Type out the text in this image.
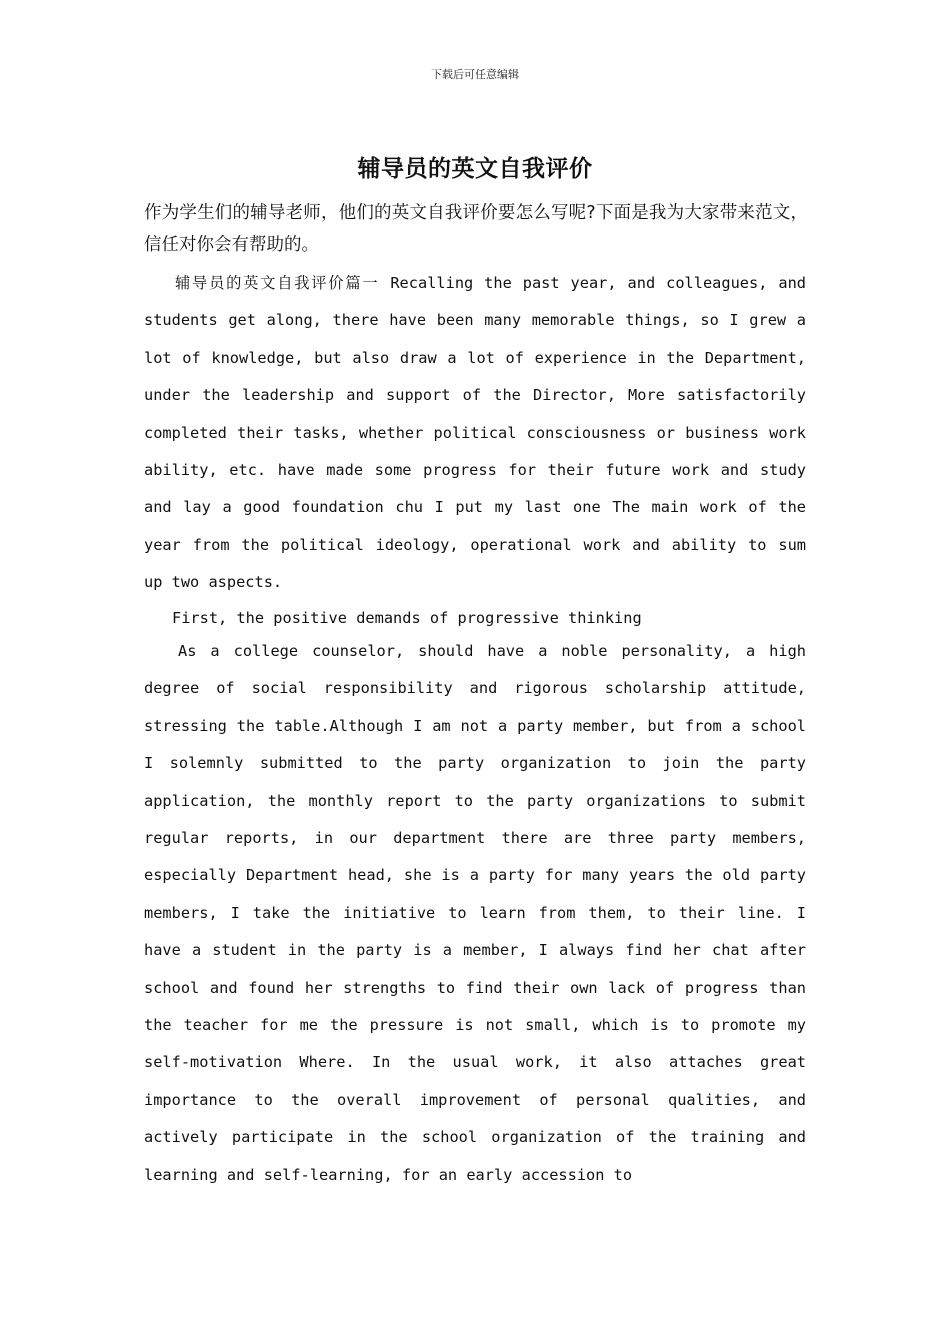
下载后可任意编辑
辅导员的英文自我评价
作为学生们的辅导老师，他们的英文自我评价要怎么写呢?下面是我为大家带来范文，信任对你会有帮助的。
辅导员的英文自我评价篇一 Recalling the past year, and colleagues, and students get along, there have been many memorable things, so I grew a lot of knowledge, but also draw a lot of experience in the Department, under the leadership and support of the Director, More satisfactorily completed their tasks, whether political consciousness or business work ability, etc. have made some progress for their future work and study and lay a good foundation chu I put my last one The main work of the year from the political ideology, operational work and ability to sum up two aspects.
First, the positive demands of progressive thinking
As a college counselor, should have a noble personality, a high degree of social responsibility and rigorous scholarship attitude, stressing the table.Although I am not a party member, but from a school I solemnly submitted to the party organization to join the party application, the monthly report to the party organizations to submit regular reports, in our department there are three party members, especially Department head, she is a party for many years the old party members, I take the initiative to learn from them, to their line. I have a student in the party is a member, I always find her chat after school and found her strengths to find their own lack of progress than the teacher for me the pressure is not small, which is to promote my self-motivation Where. In the usual work, it also attaches great importance to the overall improvement of personal qualities, and actively participate in the school organization of the training and learning and self-learning, for an early accession to
